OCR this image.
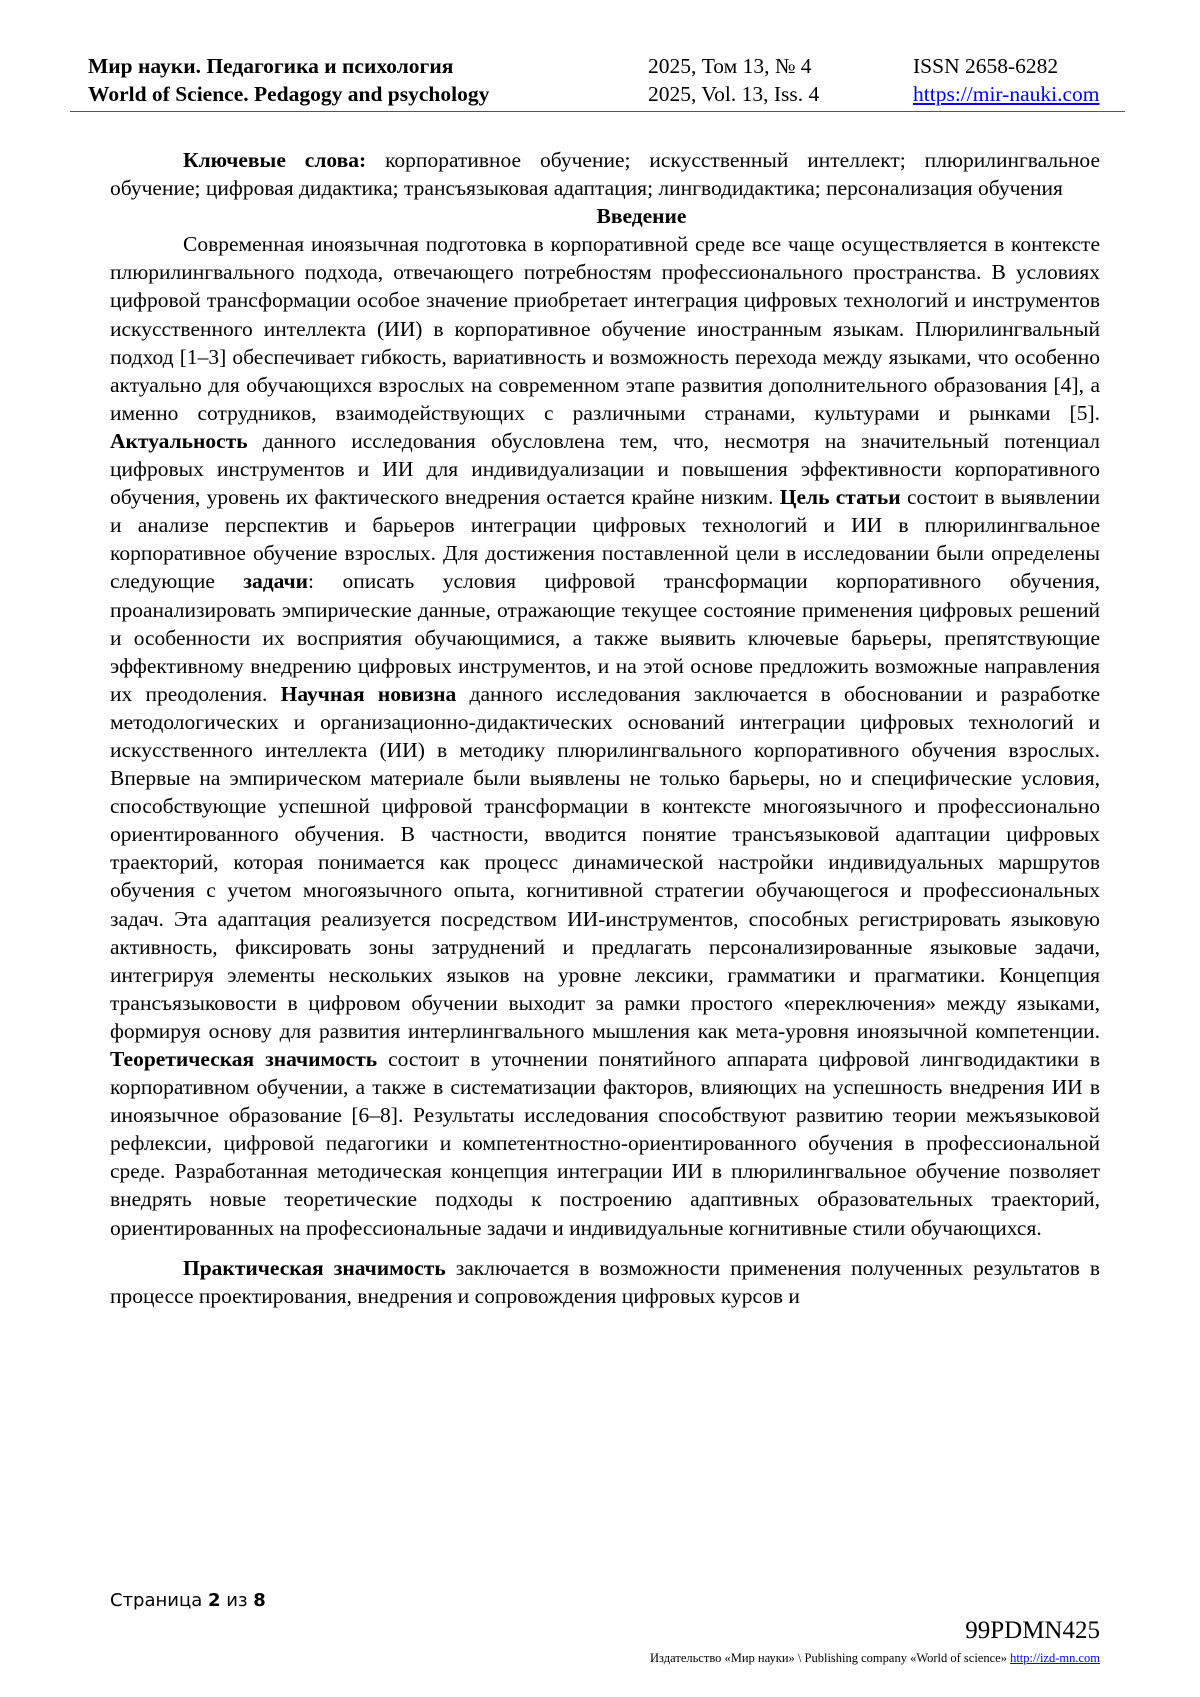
Мир науки. Педагогика и психология
World of Science. Pedagogy and psychology
2025, Том 13, № 4
2025, Vol. 13, Iss. 4
ISSN 2658-6282
https://mir-nauki.com

Ключевые слова: корпоративное обучение; искусственный интеллект; плюрилингвальное обучение; цифровая дидактика; трансъязыковая адаптация; лингводидактика; персонализация обучения

Введение

Современная иноязычная подготовка в корпоративной среде все чаще осуществляется в контексте плюрилингвального подхода, отвечающего потребностям профессионального пространства. В условиях цифровой трансформации особое значение приобретает интеграция цифровых технологий и инструментов искусственного интеллекта (ИИ) в корпоративное обучение иностранным языкам. Плюрилингвальный подход [1–3] обеспечивает гибкость, вариативность и возможность перехода между языками, что особенно актуально для обучающихся взрослых на современном этапе развития дополнительного образования [4], а именно сотрудников, взаимодействующих с различными странами, культурами и рынками [5]. Актуальность данного исследования обусловлена тем, что, несмотря на значительный потенциал цифровых инструментов и ИИ для индивидуализации и повышения эффективности корпоративного обучения, уровень их фактического внедрения остается крайне низким. Цель статьи состоит в выявлении и анализе перспектив и барьеров интеграции цифровых технологий и ИИ в плюрилингвальное корпоративное обучение взрослых. Для достижения поставленной цели в исследовании были определены следующие задачи: описать условия цифровой трансформации корпоративного обучения, проанализировать эмпирические данные, отражающие текущее состояние применения цифровых решений и особенности их восприятия обучающимися, а также выявить ключевые барьеры, препятствующие эффективному внедрению цифровых инструментов, и на этой основе предложить возможные направления их преодоления. Научная новизна данного исследования заключается в обосновании и разработке методологических и организационно-дидактических оснований интеграции цифровых технологий и искусственного интеллекта (ИИ) в методику плюрилингвального корпоративного обучения взрослых. Впервые на эмпирическом материале были выявлены не только барьеры, но и специфические условия, способствующие успешной цифровой трансформации в контексте многоязычного и профессионально ориентированного обучения. В частности, вводится понятие трансъязыковой адаптации цифровых траекторий, которая понимается как процесс динамической настройки индивидуальных маршрутов обучения с учетом многоязычного опыта, когнитивной стратегии обучающегося и профессиональных задач. Эта адаптация реализуется посредством ИИ-инструментов, способных регистрировать языковую активность, фиксировать зоны затруднений и предлагать персонализированные языковые задачи, интегрируя элементы нескольких языков на уровне лексики, грамматики и прагматики. Концепция трансъязыковости в цифровом обучении выходит за рамки простого «переключения» между языками, формируя основу для развития интерлингвального мышления как мета-уровня иноязычной компетенции. Теоретическая значимость состоит в уточнении понятийного аппарата цифровой лингводидактики в корпоративном обучении, а также в систематизации факторов, влияющих на успешность внедрения ИИ в иноязычное образование [6–8]. Результаты исследования способствуют развитию теории межъязыковой рефлексии, цифровой педагогики и компетентностно-ориентированного обучения в профессиональной среде. Разработанная методическая концепция интеграции ИИ в плюрилингвальное обучение позволяет внедрять новые теоретические подходы к построению адаптивных образовательных траекторий, ориентированных на профессиональные задачи и индивидуальные когнитивные стили обучающихся.

Практическая значимость заключается в возможности применения полученных результатов в процессе проектирования, внедрения и сопровождения цифровых курсов и

Страница 2 из 8
99PDMN425
Издательство «Мир науки» \ Publishing company «World of science» http://izd-mn.com
